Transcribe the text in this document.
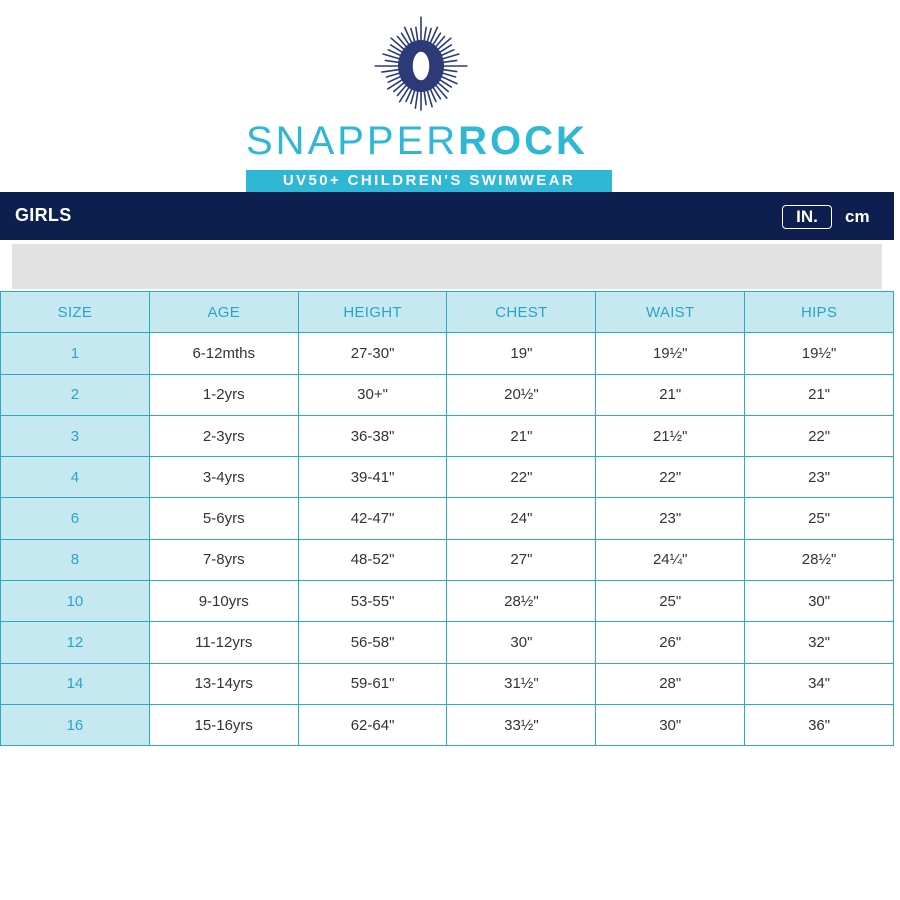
SNAPPERROCK
UV50+ CHILDREN'S SWIMWEAR
GIRLS	IN.	cm
SIZE	AGE	HEIGHT	CHEST	WAIST	HIPS
1	6-12mths	27-30"	19"	19½"	19½"
2	1-2yrs	30+"	20½"	21"	21"
3	2-3yrs	36-38"	21"	21½"	22"
4	3-4yrs	39-41"	22"	22"	23"
6	5-6yrs	42-47"	24"	23"	25"
8	7-8yrs	48-52"	27"	24¼"	28½"
10	9-10yrs	53-55"	28½"	25"	30"
12	11-12yrs	56-58"	30"	26"	32"
14	13-14yrs	59-61"	31½"	28"	34"
16	15-16yrs	62-64"	33½"	30"	36"
